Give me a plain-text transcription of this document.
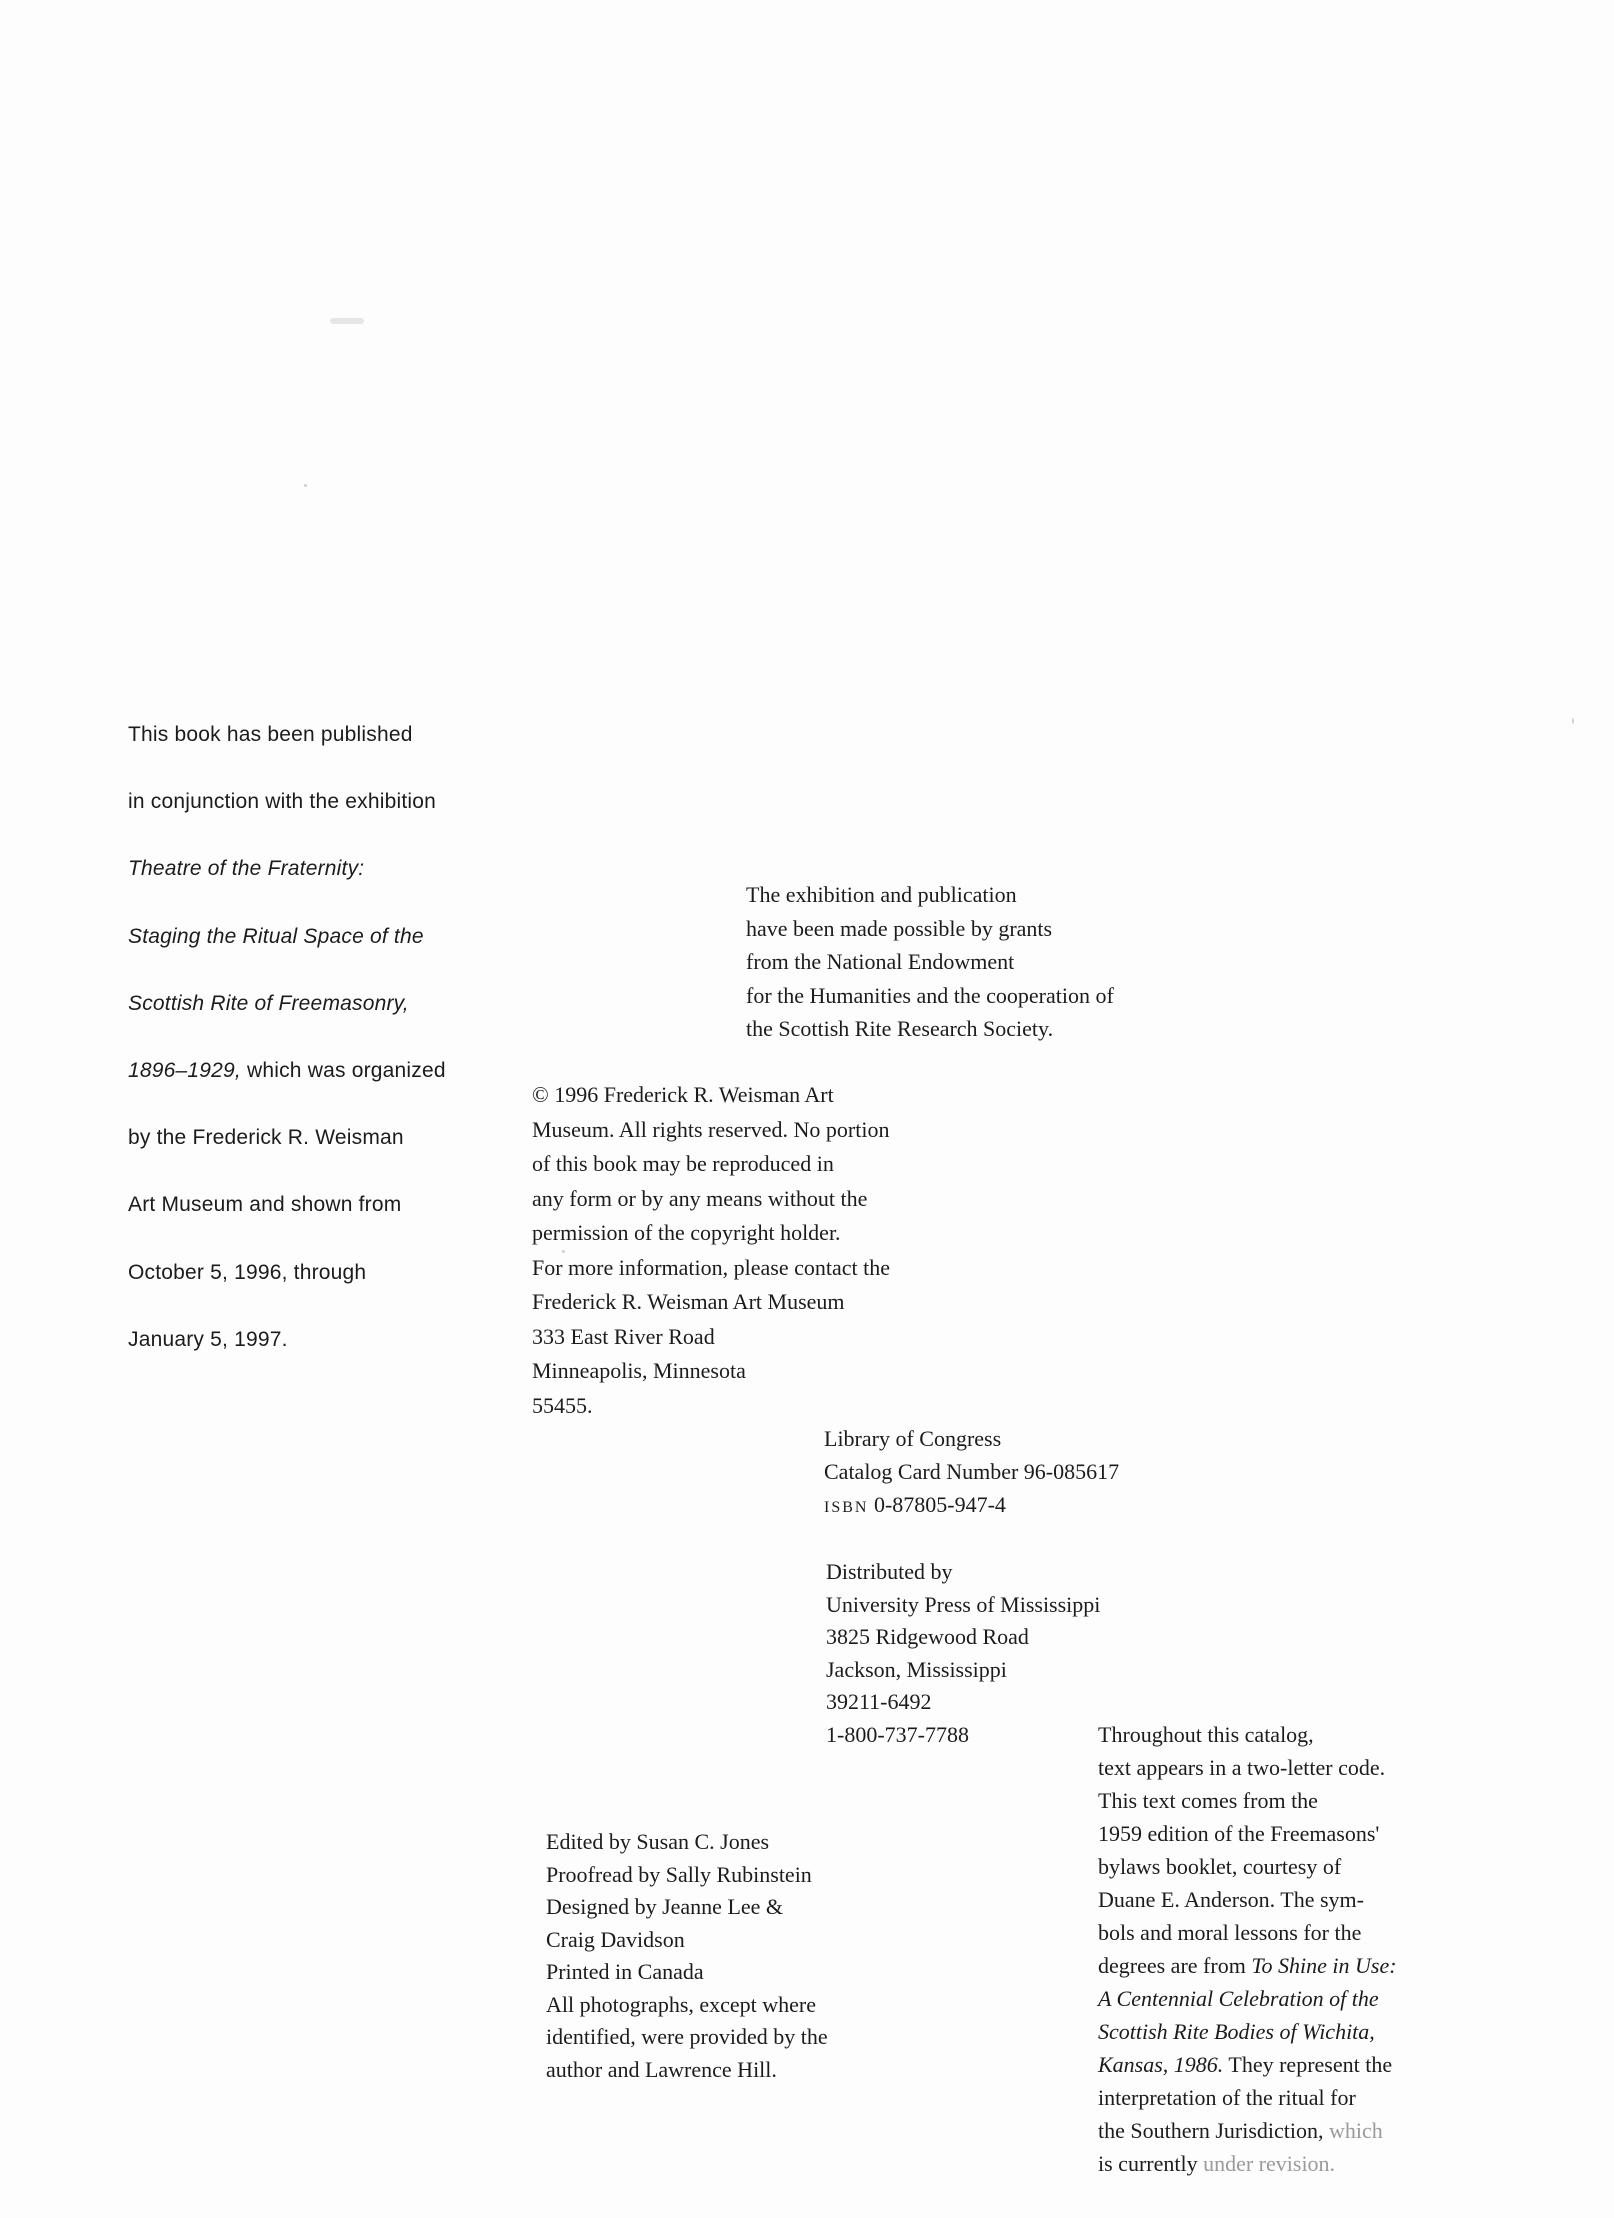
This book has been published
in conjunction with the exhibition
Theatre of the Fraternity:
Staging the Ritual Space of the
Scottish Rite of Freemasonry,
1896–1929, which was organized
by the Frederick R. Weisman
Art Museum and shown from
October 5, 1996, through
January 5, 1997.
The exhibition and publication
have been made possible by grants
from the National Endowment
for the Humanities and the cooperation of
the Scottish Rite Research Society.
© 1996 Frederick R. Weisman Art
Museum. All rights reserved. No portion
of this book may be reproduced in
any form or by any means without the
permission of the copyright holder.
For more information, please contact the
Frederick R. Weisman Art Museum
333 East River Road
Minneapolis, Minnesota
55455.
Library of Congress
Catalog Card Number 96-085617
ISBN 0-87805-947-4
Distributed by
University Press of Mississippi
3825 Ridgewood Road
Jackson, Mississippi
39211-6492
1-800-737-7788
Edited by Susan C. Jones
Proofread by Sally Rubinstein
Designed by Jeanne Lee &
Craig Davidson
Printed in Canada
All photographs, except where
identified, were provided by the
author and Lawrence Hill.
Throughout this catalog,
text appears in a two-letter code.
This text comes from the
1959 edition of the Freemasons'
bylaws booklet, courtesy of
Duane E. Anderson. The sym-
bols and moral lessons for the
degrees are from To Shine in Use:
A Centennial Celebration of the
Scottish Rite Bodies of Wichita,
Kansas, 1986. They represent the
interpretation of the ritual for
the Southern Jurisdiction, which
is currently under revision.
